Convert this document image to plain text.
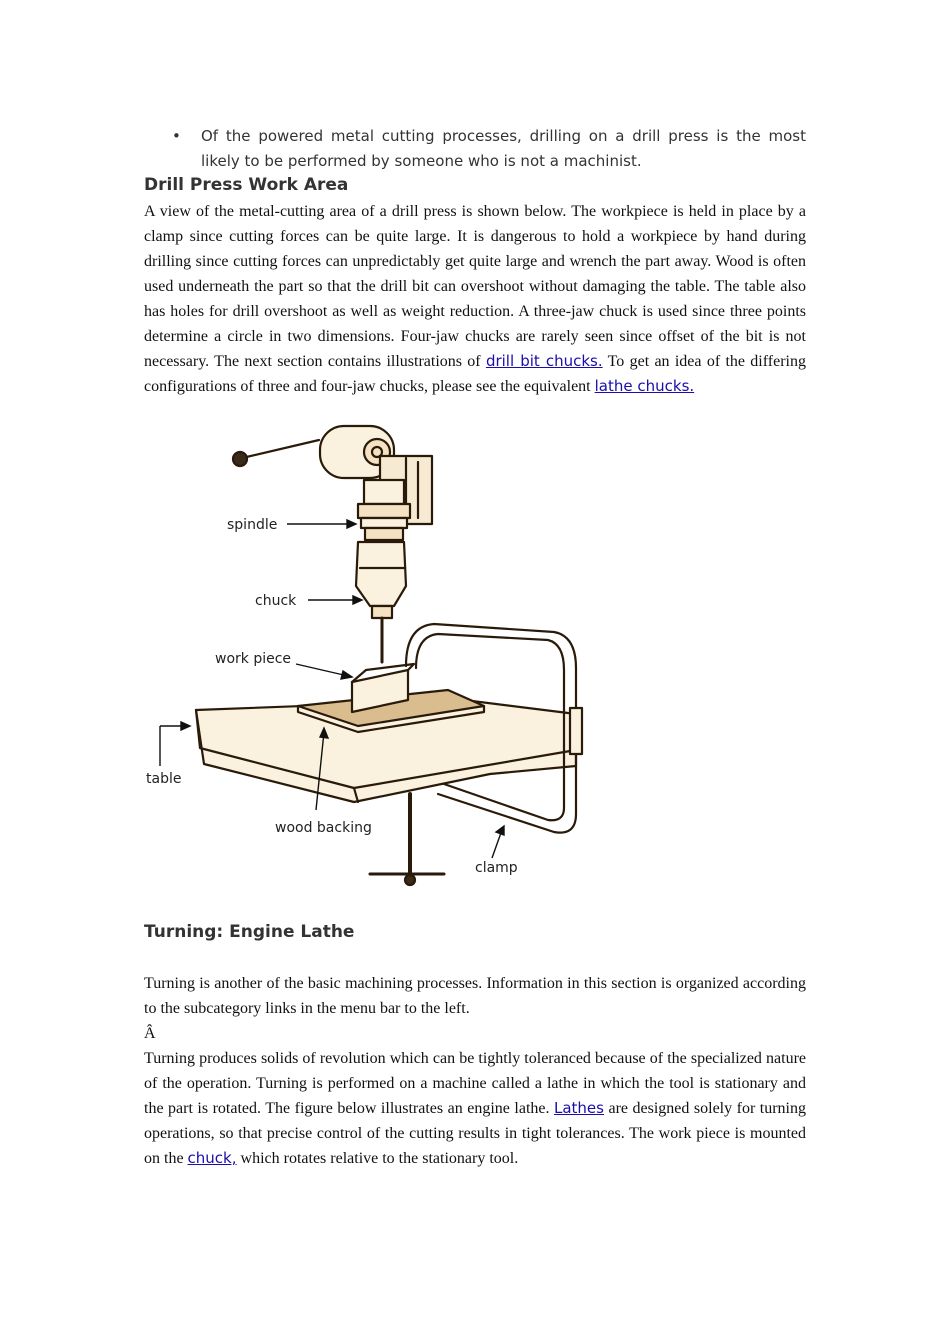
•	Of the powered metal cutting processes, drilling on a drill press is the most likely to be performed by someone who is not a machinist.
Drill Press Work Area
A view of the metal-cutting area of a drill press is shown below. The workpiece is held in place by a clamp since cutting forces can be quite large. It is dangerous to hold a workpiece by hand during drilling since cutting forces can unpredictably get quite large and wrench the part away. Wood is often used underneath the part so that the drill bit can overshoot without damaging the table. The table also has holes for drill overshoot as well as weight reduction. A three-jaw chuck is used since three points determine a circle in two dimensions. Four-jaw chucks are rarely seen since offset of the bit is not necessary. The next section contains illustrations of drill bit chucks. To get an idea of the differing configurations of three and four-jaw chucks, please see the equivalent lathe chucks.
spindle
chuck
work piece
table
wood backing
clamp
Turning: Engine Lathe
Turning is another of the basic machining processes. Information in this section is organized according to the subcategory links in the menu bar to the left.
Â
Turning produces solids of revolution which can be tightly toleranced because of the specialized nature of the operation. Turning is performed on a machine called a lathe in which the tool is stationary and the part is rotated. The figure below illustrates an engine lathe. Lathes are designed solely for turning operations, so that precise control of the cutting results in tight tolerances. The work piece is mounted on the chuck, which rotates relative to the stationary tool.
